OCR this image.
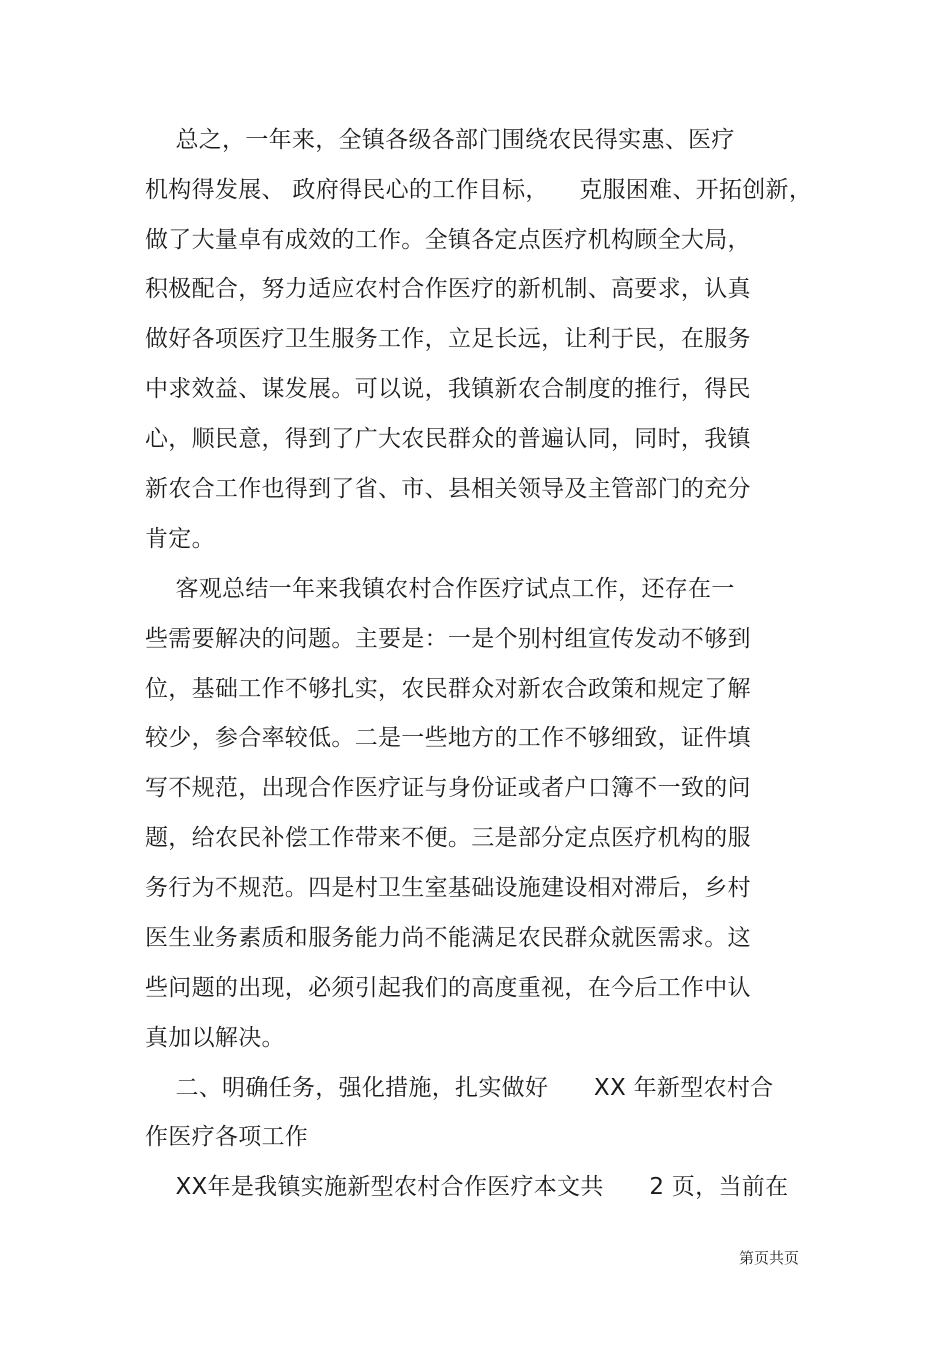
总之，一年来，全镇各级各部门围绕农民得实惠、医疗
机构得发展、 政府得民心的工作目标，    克服困难、开拓创新，
做了大量卓有成效的工作。全镇各定点医疗机构顾全大局，
积极配合，努力适应农村合作医疗的新机制、高要求，认真
做好各项医疗卫生服务工作，立足长远，让利于民，在服务
中求效益、谋发展。可以说，我镇新农合制度的推行，得民
心，顺民意，得到了广大农民群众的普遍认同，同时，我镇
新农合工作也得到了省、市、县相关领导及主管部门的充分
肯定。
客观总结一年来我镇农村合作医疗试点工作，还存在一
些需要解决的问题。主要是：一是个别村组宣传发动不够到
位，基础工作不够扎实，农民群众对新农合政策和规定了解
较少，参合率较低。二是一些地方的工作不够细致，证件填
写不规范，出现合作医疗证与身份证或者户口簿不一致的问
题，给农民补偿工作带来不便。三是部分定点医疗机构的服
务行为不规范。四是村卫生室基础设施建设相对滞后，乡村
医生业务素质和服务能力尚不能满足农民群众就医需求。这
些问题的出现，必须引起我们的高度重视，在今后工作中认
真加以解决。
二、明确任务，强化措施，扎实做好      XX 年新型农村合
作医疗各项工作
XX年是我镇实施新型农村合作医疗本文共      2 页，当前在
第页共页
